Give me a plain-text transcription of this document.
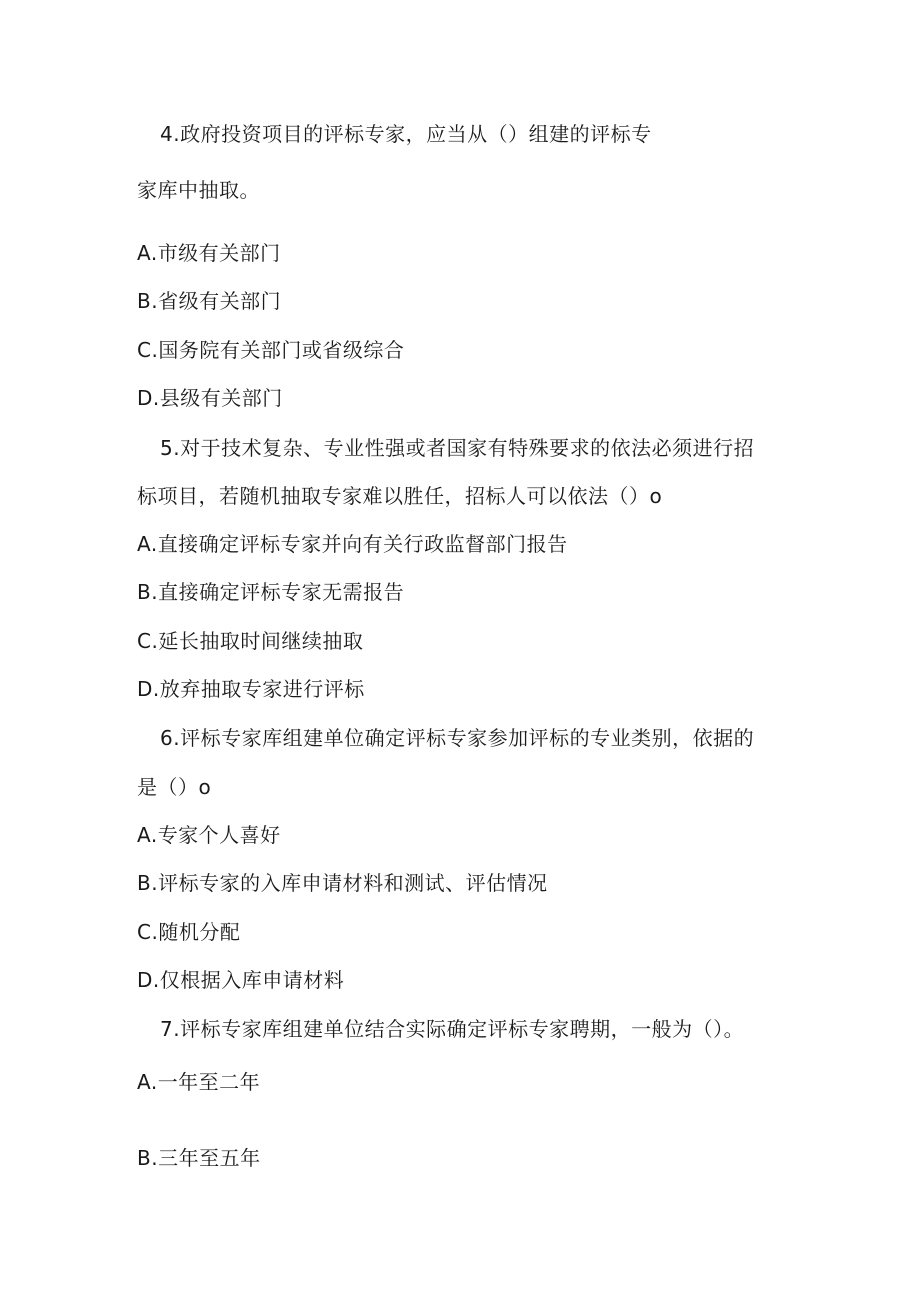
4.政府投资项目的评标专家，应当从（）组建的评标专
家库中抽取。
A.市级有关部门
B.省级有关部门
C.国务院有关部门或省级综合
D.县级有关部门
5.对于技术复杂、专业性强或者国家有特殊要求的依法必须进行招
标项目，若随机抽取专家难以胜任，招标人可以依法（）o
A.直接确定评标专家并向有关行政监督部门报告
B.直接确定评标专家无需报告
C.延长抽取时间继续抽取
D.放弃抽取专家进行评标
6.评标专家库组建单位确定评标专家参加评标的专业类别，依据的
是（）o
A.专家个人喜好
B.评标专家的入库申请材料和测试、评估情况
C.随机分配
D.仅根据入库申请材料
7.评标专家库组建单位结合实际确定评标专家聘期，一般为（）。
A.一年至二年
B.三年至五年
